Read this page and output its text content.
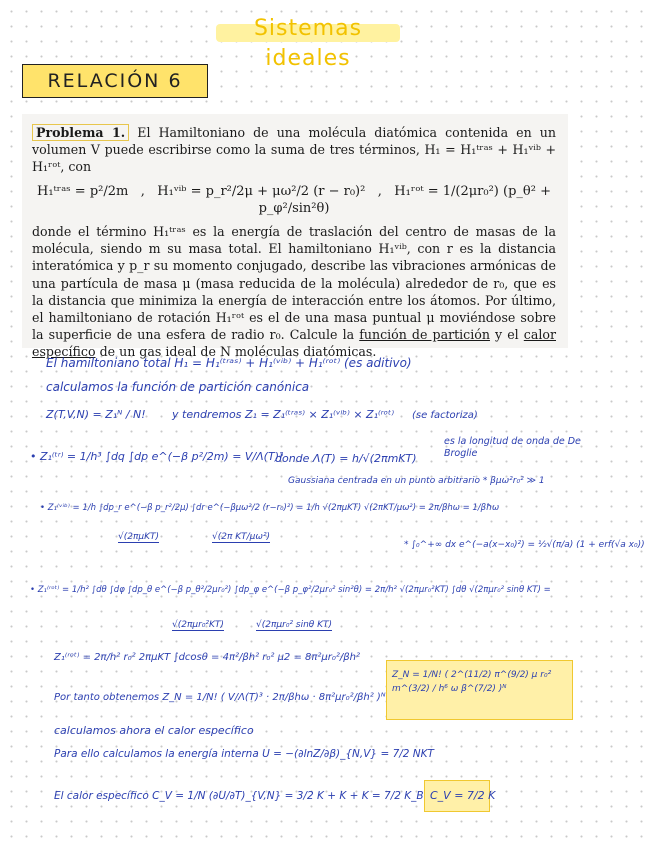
Sistemas ideales
RELACIÓN 6
Problema 1. El Hamiltoniano de una molécula diatómica contenida en un volumen V puede escribirse como la suma de tres términos, H₁ = H₁ᵗʳᵃˢ + H₁ᵛⁱᵇ + H₁ʳᵒᵗ, con
H₁ᵗʳᵃˢ = p²/2m   ,   H₁ᵛⁱᵇ = p_r²/2μ + μω²/2 (r − r₀)²   ,   H₁ʳᵒᵗ = 1/(2μr₀²) (p_θ² + p_φ²/sin²θ)
donde el término H₁ᵗʳᵃˢ es la energía de traslación del centro de masas de la molécula, siendo m su masa total. El hamiltoniano H₁ᵛⁱᵇ, con r es la distancia interatómica y p_r su momento conjugado, describe las vibraciones armónicas de una partícula de masa μ (masa reducida de la molécula) alrededor de r₀, que es la distancia que minimiza la energía de interacción entre los átomos. Por último, el hamiltoniano de rotación H₁ʳᵒᵗ es el de una masa puntual μ moviéndose sobre la superficie de una esfera de radio r₀. Calcule la función de partición y el calor específico de un gas ideal de N moléculas diatómicas.
El hamiltoniano total H₁ = H₁⁽ᵗʳᵃˢ⁾ + H₁⁽ᵛⁱᵇ⁾ + H₁⁽ʳᵒᵗ⁾ (es aditivo)
calculamos la función de partición canónica
Z(T,V,N) = Z₁ᴺ / N! y tendremos Z₁ = Z₁⁽ᵗʳᵃˢ⁾ × Z₁⁽ᵛⁱᵇ⁾ × Z₁⁽ʳᵒᵗ⁾ (se factoriza)
• Z₁⁽ᵗʳ⁾ = 1/h³ ∫dq ∫dp e^(−β p²/2m) = V/Λ(T)³
donde Λ(T) = h/√(2πmKT)
es la longitud de onda de De Broglie
Gaussiana centrada en un punto arbitrario * βμω²r₀² ≫ 1
• Z₁⁽ᵛⁱᵇ⁾ = 1/h ∫dp_r e^(−β p_r²/2μ) ∫dr e^(−βμω²/2 (r−r₀)²) = 1/h √(2πμKT) √(2πKT/μω²) = 2π/βhω = 1/βħω
√(2πμKT)	√(2π KT/μω²)
* ∫₀^+∞ dx e^(−a(x−x₀)²) = ½√(π/a) (1 + erf(√a x₀))
• Z₁⁽ʳᵒᵗ⁾ = 1/h² ∫dθ ∫dφ ∫dp_θ e^(−β p_θ²/2μr₀²) ∫dp_φ e^(−β p_φ²/2μr₀² sin²θ) = 2π/h² √(2πμr₀²KT) ∫dθ √(2πμr₀² sinθ KT) =
√(2πμr₀²KT)	√(2πμr₀² sinθ KT)
Z₁⁽ʳᵒᵗ⁾ = 2π/h² r₀² 2πμKT ∫dcosθ = 4π²/βh² r₀² μ2 = 8π²μr₀²/βh²
Por tanto obtenemos Z_N = 1/N! ( V/Λ(T)³ · 2π/βhω · 8π²μr₀²/βh² )ᴺ
Z_N = 1/N! ( 2^(11/2) π^(9/2) μ r₀² m^(3/2) / h⁶ ω β^(7/2) )ᴺ
calculamos ahora el calor específico
Para ello calculamos la energía interna U = −(∂lnZ/∂β)_{N,V} = 7/2 NKT
El calor específico C_V = 1/N (∂U/∂T)_{V,N} = 3/2 K + K + K = 7/2 K_B C_V = 7/2 K
